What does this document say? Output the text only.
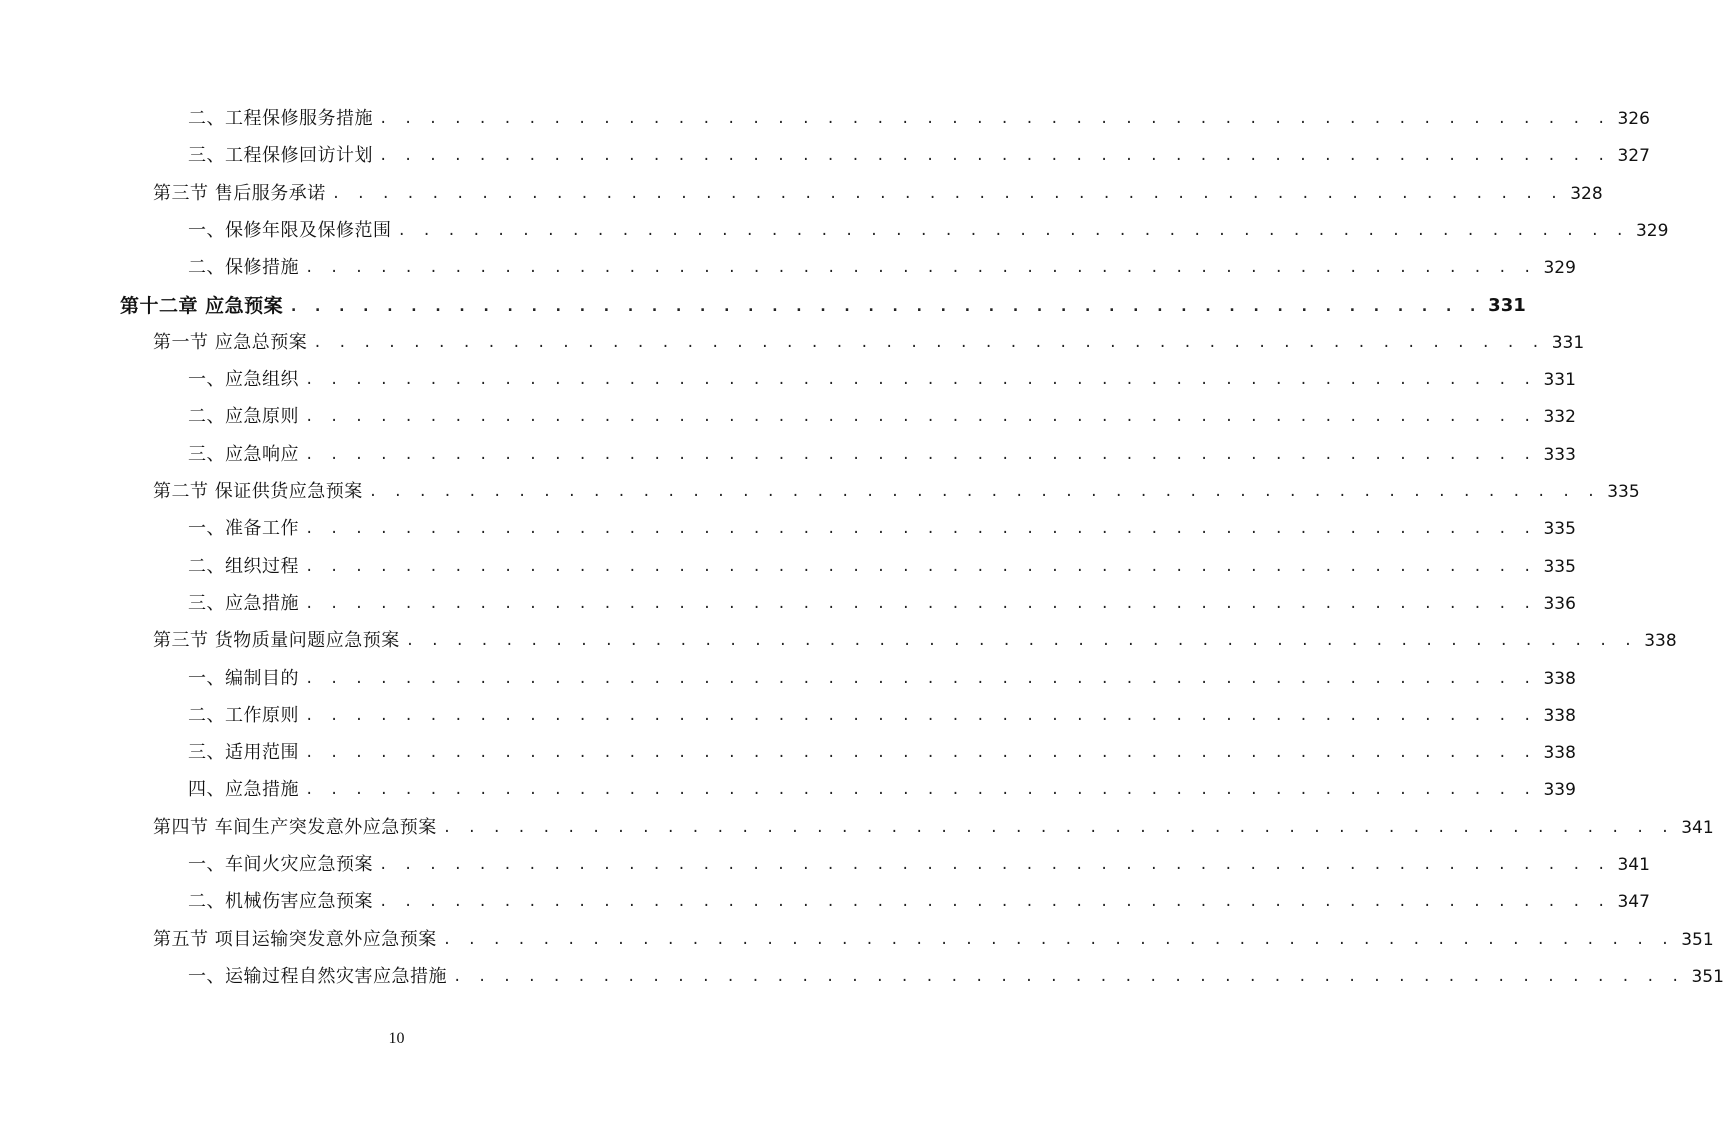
二、工程保修服务措施 . . . . . . . . . . . . . . . . . . . . . . . . . . . . . . . . . . . . . . . . . . . . . . . . . . 326
三、工程保修回访计划 . . . . . . . . . . . . . . . . . . . . . . . . . . . . . . . . . . . . . . . . . . . . . . . . . . 327
第三节 售后服务承诺 . . . . . . . . . . . . . . . . . . . . . . . . . . . . . . . . . . . . . . . . . . . . . . . . . . 328
一、保修年限及保修范围 . . . . . . . . . . . . . . . . . . . . . . . . . . . . . . . . . . . . . . . . . . . . . . . . . . 329
二、保修措施 . . . . . . . . . . . . . . . . . . . . . . . . . . . . . . . . . . . . . . . . . . . . . . . . . . 329
第十二章 应急预案 . . . . . . . . . . . . . . . . . . . . . . . . . . . . . . . . . . . . . . . . . . . . . . . . . . 331
第一节 应急总预案 . . . . . . . . . . . . . . . . . . . . . . . . . . . . . . . . . . . . . . . . . . . . . . . . . . 331
一、应急组织 . . . . . . . . . . . . . . . . . . . . . . . . . . . . . . . . . . . . . . . . . . . . . . . . . . 331
二、应急原则 . . . . . . . . . . . . . . . . . . . . . . . . . . . . . . . . . . . . . . . . . . . . . . . . . . 332
三、应急响应 . . . . . . . . . . . . . . . . . . . . . . . . . . . . . . . . . . . . . . . . . . . . . . . . . . 333
第二节 保证供货应急预案 . . . . . . . . . . . . . . . . . . . . . . . . . . . . . . . . . . . . . . . . . . . . . . . . . . 335
一、准备工作 . . . . . . . . . . . . . . . . . . . . . . . . . . . . . . . . . . . . . . . . . . . . . . . . . . 335
二、组织过程 . . . . . . . . . . . . . . . . . . . . . . . . . . . . . . . . . . . . . . . . . . . . . . . . . . 335
三、应急措施 . . . . . . . . . . . . . . . . . . . . . . . . . . . . . . . . . . . . . . . . . . . . . . . . . . 336
第三节 货物质量问题应急预案 . . . . . . . . . . . . . . . . . . . . . . . . . . . . . . . . . . . . . . . . . . . . . . . . . . 338
一、编制目的 . . . . . . . . . . . . . . . . . . . . . . . . . . . . . . . . . . . . . . . . . . . . . . . . . . 338
二、工作原则 . . . . . . . . . . . . . . . . . . . . . . . . . . . . . . . . . . . . . . . . . . . . . . . . . . 338
三、适用范围 . . . . . . . . . . . . . . . . . . . . . . . . . . . . . . . . . . . . . . . . . . . . . . . . . . 338
四、应急措施 . . . . . . . . . . . . . . . . . . . . . . . . . . . . . . . . . . . . . . . . . . . . . . . . . . 339
第四节 车间生产突发意外应急预案 . . . . . . . . . . . . . . . . . . . . . . . . . . . . . . . . . . . . . . . . . . . . . . . . . . 341
一、车间火灾应急预案 . . . . . . . . . . . . . . . . . . . . . . . . . . . . . . . . . . . . . . . . . . . . . . . . . . 341
二、机械伤害应急预案 . . . . . . . . . . . . . . . . . . . . . . . . . . . . . . . . . . . . . . . . . . . . . . . . . . 347
第五节 项目运输突发意外应急预案 . . . . . . . . . . . . . . . . . . . . . . . . . . . . . . . . . . . . . . . . . . . . . . . . . . 351
一、运输过程自然灾害应急措施 . . . . . . . . . . . . . . . . . . . . . . . . . . . . . . . . . . . . . . . . . . . . . . . . . . 351
10
